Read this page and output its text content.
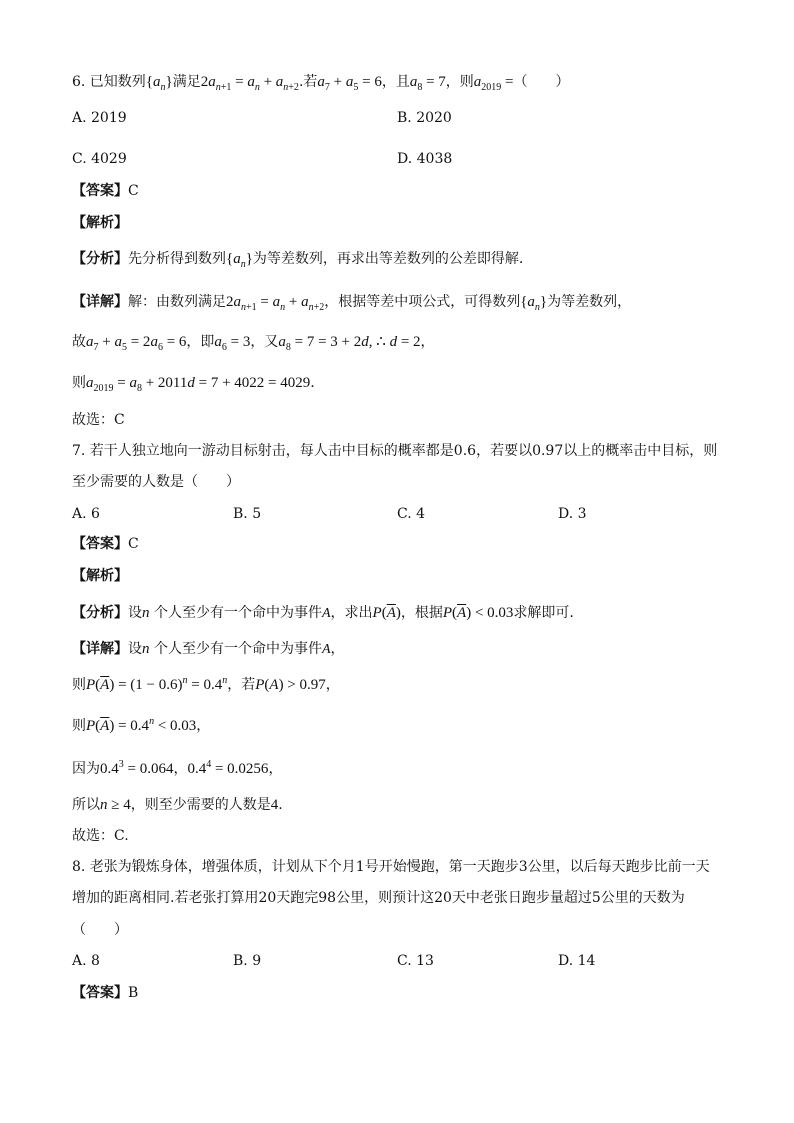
6. 已知数列$\{a_n\}$满足$2a_{n+1} = a_n + a_{n+2}$.若$a_7 + a_5 = 6$，且$a_8 = 7$，则$a_{2019}$ =（　　）
A. 2019	B. 2020
C. 4029	D. 4038
【答案】C
【解析】
【分析】先分析得到数列$\{a_n\}$为等差数列，再求出等差数列的公差即得解.
【详解】解：由数列满足$2a_{n+1} = a_n + a_{n+2}$，根据等差中项公式，可得数列$\{a_n\}$为等差数列，
故$a_7 + a_5 = 2a_6 = 6$，即$a_6 = 3$，又$a_8 = 7 = 3 + 2d$, ∴ d = 2，
则$a_{2019} = a_8 + 2011d = 7 + 4022 = 4029$.
故选：C
7. 若干人独立地向一游动目标射击，每人击中目标的概率都是0.6，若要以0.97以上的概率击中目标，则
至少需要的人数是（　　）
A. 6	B. 5	C. 4	D. 3
【答案】C
【解析】
【分析】设n 个人至少有一个命中为事件A，求出$P(\overline{A})$，根据$P(\overline{A}) < 0.03$求解即可.
【详解】设n 个人至少有一个命中为事件A，
则$P(\overline{A}) = (1 - 0.6)^n = 0.4^n$，若P(A) > 0.97，
则$P(\overline{A}) = 0.4^n < 0.03$，
因为$0.4^3 = 0.064$，$0.4^4 = 0.0256$，
所以n ≥ 4，则至少需要的人数是4.
故选：C.
8. 老张为锻炼身体，增强体质，计划从下个月1号开始慢跑，第一天跑步3公里，以后每天跑步比前一天
增加的距离相同.若老张打算用20天跑完98公里，则预计这20天中老张日跑步量超过5公里的天数为
（　　）
A. 8	B. 9	C. 13	D. 14
【答案】B
